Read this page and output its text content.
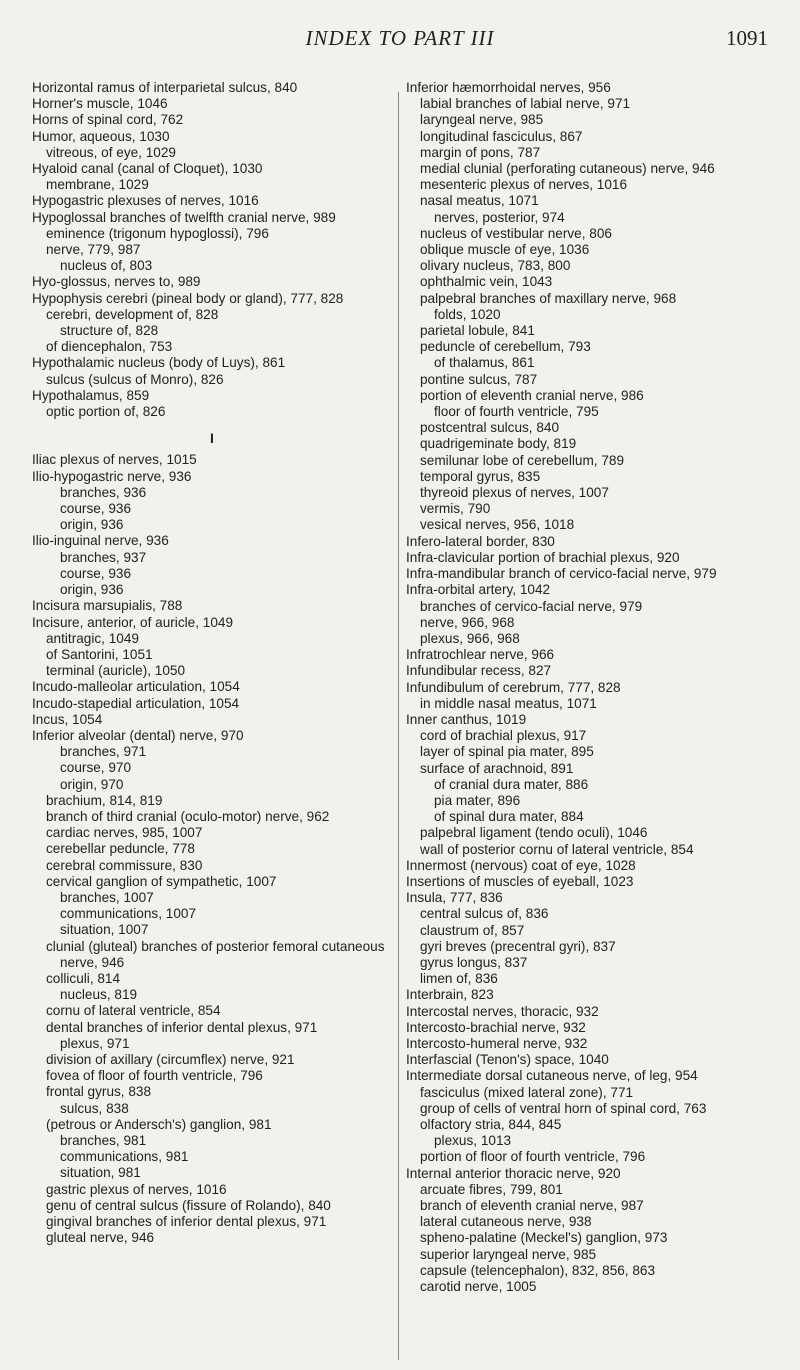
INDEX TO PART III	1091
Horizontal ramus of interparietal sulcus, 840
Horner's muscle, 1046
Horns of spinal cord, 762
Humor, aqueous, 1030
vitreous, of eye, 1029
Hyaloid canal (canal of Cloquet), 1030
membrane, 1029
Hypogastric plexuses of nerves, 1016
Hypoglossal branches of twelfth cranial nerve, 989
eminence (trigonum hypoglossi), 796
nerve, 779, 987
nucleus of, 803
Hyo-glossus, nerves to, 989
Hypophysis cerebri (pineal body or gland), 777, 828
cerebri, development of, 828
structure of, 828
of diencephalon, 753
Hypothalamic nucleus (body of Luys), 861
sulcus (sulcus of Monro), 826
Hypothalamus, 859
optic portion of, 826
I
Iliac plexus of nerves, 1015
Ilio-hypogastric nerve, 936
branches, 936
course, 936
origin, 936
Ilio-inguinal nerve, 936
branches, 937
course, 936
origin, 936
Incisura marsupialis, 788
Incisure, anterior, of auricle, 1049
antitragic, 1049
of Santorini, 1051
terminal (auricle), 1050
Incudo-malleolar articulation, 1054
Incudo-stapedial articulation, 1054
Incus, 1054
Inferior alveolar (dental) nerve, 970
branches, 971
course, 970
origin, 970
brachium, 814, 819
branch of third cranial (oculo-motor) nerve, 962
cardiac nerves, 985, 1007
cerebellar peduncle, 778
cerebral commissure, 830
cervical ganglion of sympathetic, 1007
branches, 1007
communications, 1007
situation, 1007
clunial (gluteal) branches of posterior femoral cutaneous nerve, 946
colliculi, 814
nucleus, 819
cornu of lateral ventricle, 854
dental branches of inferior dental plexus, 971
plexus, 971
division of axillary (circumflex) nerve, 921
fovea of floor of fourth ventricle, 796
frontal gyrus, 838
sulcus, 838
(petrous or Andersch's) ganglion, 981
branches, 981
communications, 981
situation, 981
gastric plexus of nerves, 1016
genu of central sulcus (fissure of Rolando), 840
gingival branches of inferior dental plexus, 971
gluteal nerve, 946
Inferior hæmorrhoidal nerves, 956
labial branches of labial nerve, 971
laryngeal nerve, 985
longitudinal fasciculus, 867
margin of pons, 787
medial clunial (perforating cutaneous) nerve, 946
mesenteric plexus of nerves, 1016
nasal meatus, 1071
nerves, posterior, 974
nucleus of vestibular nerve, 806
oblique muscle of eye, 1036
olivary nucleus, 783, 800
ophthalmic vein, 1043
palpebral branches of maxillary nerve, 968
folds, 1020
parietal lobule, 841
peduncle of cerebellum, 793
of thalamus, 861
pontine sulcus, 787
portion of eleventh cranial nerve, 986
floor of fourth ventricle, 795
postcentral sulcus, 840
quadrigeminate body, 819
semilunar lobe of cerebellum, 789
temporal gyrus, 835
thyreoid plexus of nerves, 1007
vermis, 790
vesical nerves, 956, 1018
Infero-lateral border, 830
Infra-clavicular portion of brachial plexus, 920
Infra-mandibular branch of cervico-facial nerve, 979
Infra-orbital artery, 1042
branches of cervico-facial nerve, 979
nerve, 966, 968
plexus, 966, 968
Infratrochlear nerve, 966
Infundibular recess, 827
Infundibulum of cerebrum, 777, 828
in middle nasal meatus, 1071
Inner canthus, 1019
cord of brachial plexus, 917
layer of spinal pia mater, 895
surface of arachnoid, 891
of cranial dura mater, 886
pia mater, 896
of spinal dura mater, 884
palpebral ligament (tendo oculi), 1046
wall of posterior cornu of lateral ventricle, 854
Innermost (nervous) coat of eye, 1028
Insertions of muscles of eyeball, 1023
Insula, 777, 836
central sulcus of, 836
claustrum of, 857
gyri breves (precentral gyri), 837
gyrus longus, 837
limen of, 836
Interbrain, 823
Intercostal nerves, thoracic, 932
Intercosto-brachial nerve, 932
Intercosto-humeral nerve, 932
Interfascial (Tenon's) space, 1040
Intermediate dorsal cutaneous nerve, of leg, 954
fasciculus (mixed lateral zone), 771
group of cells of ventral horn of spinal cord, 763
olfactory stria, 844, 845
plexus, 1013
portion of floor of fourth ventricle, 796
Internal anterior thoracic nerve, 920
arcuate fibres, 799, 801
branch of eleventh cranial nerve, 987
lateral cutaneous nerve, 938
spheno-palatine (Meckel's) ganglion, 973
superior laryngeal nerve, 985
capsule (telencephalon), 832, 856, 863
carotid nerve, 1005
